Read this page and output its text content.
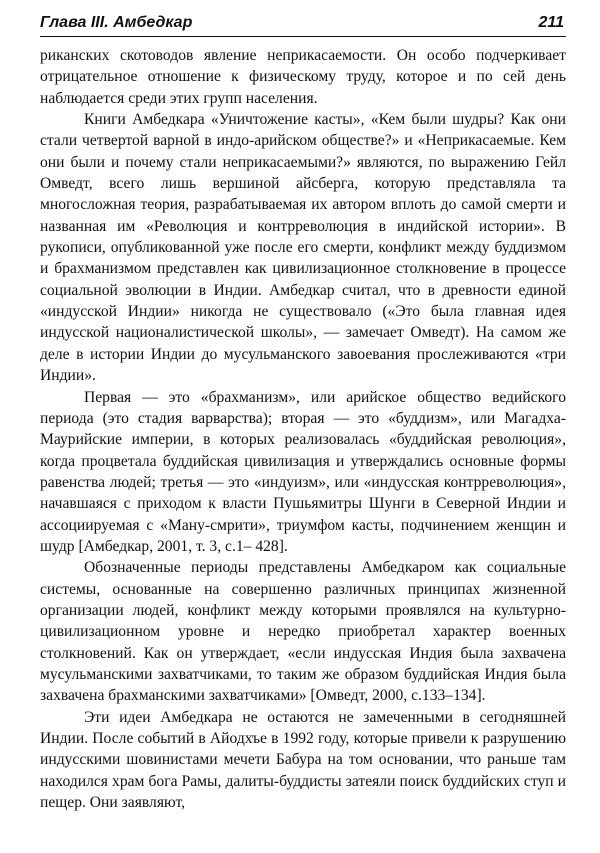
Глава III. Амбедкар	211

риканских скотоводов явление неприкасаемости. Он особо подчеркивает отрицательное отношение к физическому труду, которое и по сей день наблюдается среди этих групп населения.

Книги Амбедкара «Уничтожение касты», «Кем были шудры? Как они стали четвертой варной в индо-арийском обществе?» и «Неприкасаемые. Кем они были и почему стали неприкасаемыми?» являются, по выражению Гейл Омведт, всего лишь вершиной айсберга, которую представляла та многосложная теория, разрабатываемая их автором вплоть до самой смерти и названная им «Революция и контрреволюция в индийской истории». В рукописи, опубликованной уже после его смерти, конфликт между буддизмом и брахманизмом представлен как цивилизационное столкновение в процессе социальной эволюции в Индии. Амбедкар считал, что в древности единой «индусской Индии» никогда не существовало («Это была главная идея индусской националистической школы», — замечает Омведт). На самом же деле в истории Индии до мусульманского завоевания прослеживаются «три Индии».

Первая — это «брахманизм», или арийское общество ведийского периода (это стадия варварства); вторая — это «буддизм», или Магадха-Маурийские империи, в которых реализовалась «буддийская революция», когда процветала буддийская цивилизация и утверждались основные формы равенства людей; третья — это «индуизм», или «индусская контрреволюция», начавшаяся с приходом к власти Пушьямитры Шунги в Северной Индии и ассоциируемая с «Ману-смрити», триумфом касты, подчинением женщин и шудр [Амбедкар, 2001, т. 3, с.1– 428].

Обозначенные периоды представлены Амбедкаром как социальные системы, основанные на совершенно различных принципах жизненной организации людей, конфликт между которыми проявлялся на культурно-цивилизационном уровне и нередко приобретал характер военных столкновений. Как он утверждает, «если индусская Индия была захвачена мусульманскими захватчиками, то таким же образом буддийская Индия была захвачена брахманскими захватчиками» [Омведт, 2000, с.133–134].

Эти идеи Амбедкара не остаются не замеченными в сегодняшней Индии. После событий в Айодхъе в 1992 году, которые привели к разрушению индусскими шовинистами мечети Бабура на том основании, что раньше там находился храм бога Рамы, далиты-буддисты затеяли поиск буддийских ступ и пещер. Они заявляют,
